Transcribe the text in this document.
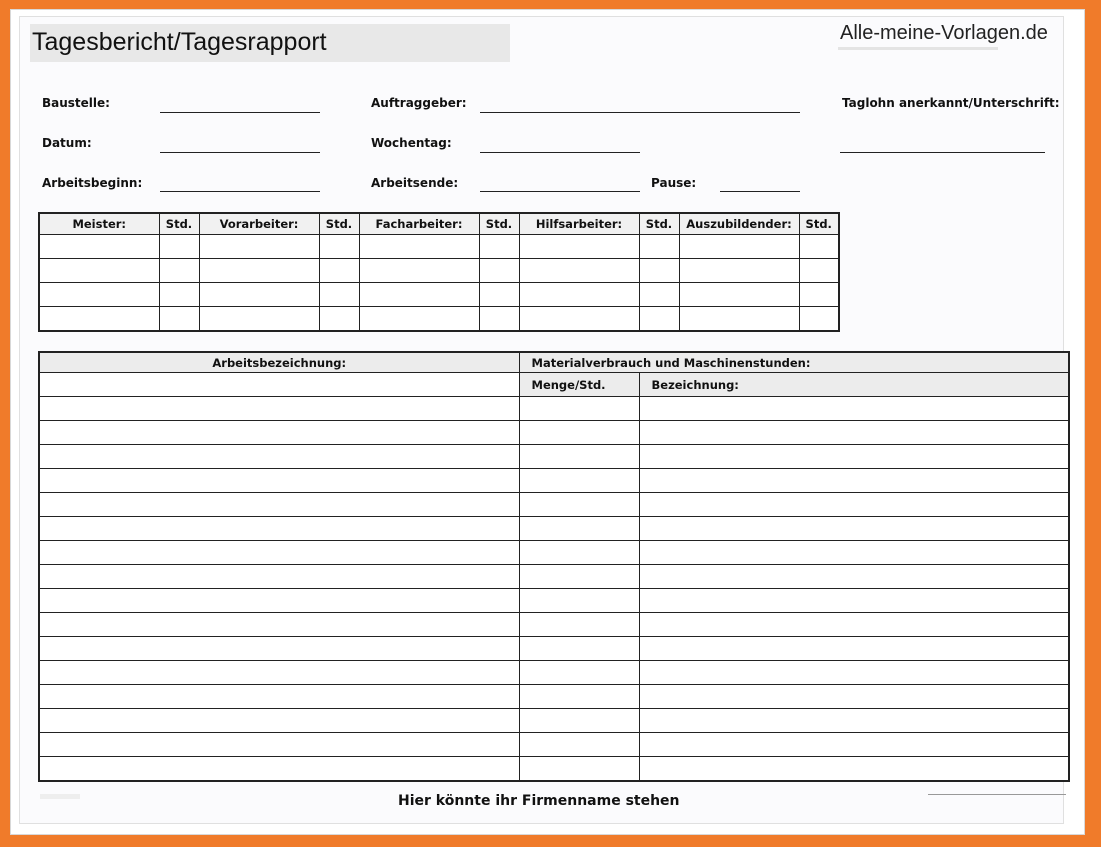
Tagesbericht/Tagesrapport	Alle-meine-Vorlagen.de
Baustelle:	Auftraggeber:	Taglohn anerkannt/Unterschrift:
Datum:	Wochentag:
Arbeitsbeginn:	Arbeitsende:	Pause:
Meister:	Std.	Vorarbeiter:	Std.	Facharbeiter:	Std.	Hilfsarbeiter:	Std.	Auszubildender:	Std.

Arbeitsbezeichnung:	Materialverbrauch und Maschinenstunden:	
	Menge/Std.	Bezeichnung:

Hier könnte ihr Firmenname stehen
